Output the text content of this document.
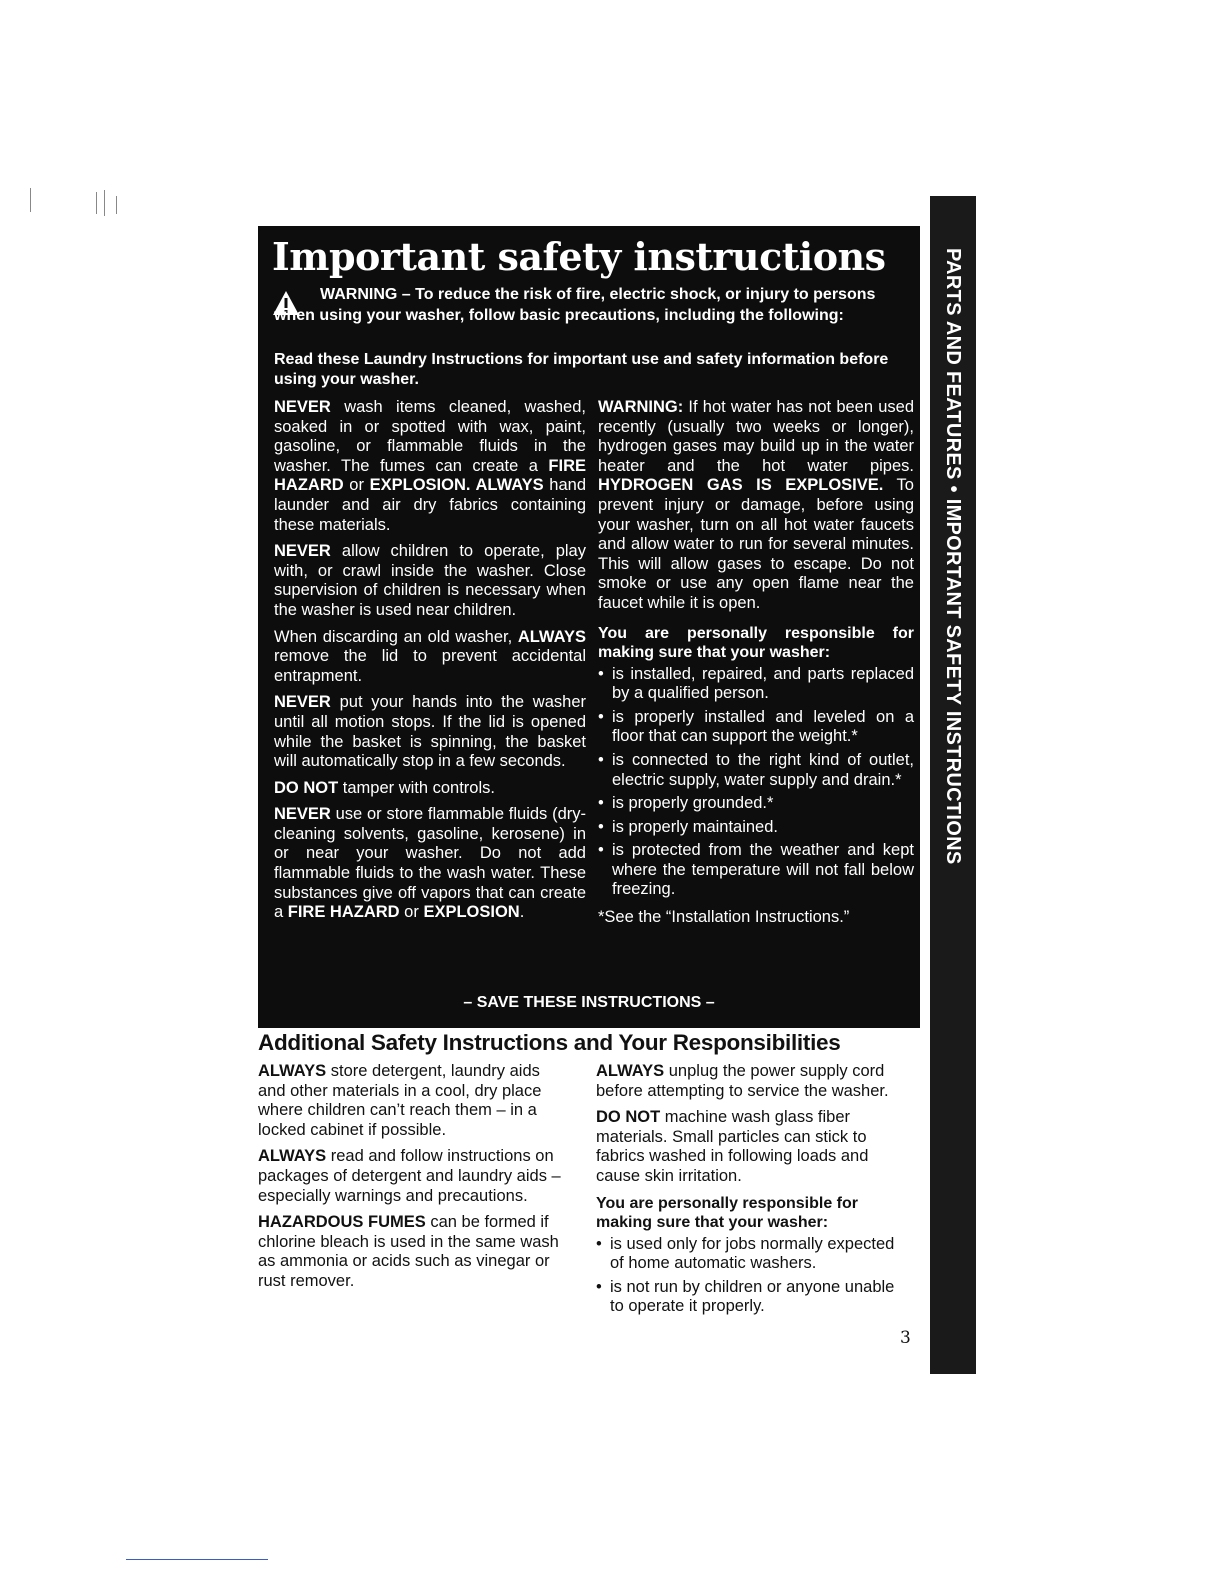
Important safety instructions

WARNING – To reduce the risk of fire, electric shock, or injury to persons when using your washer, follow basic precautions, including the following:

Read these Laundry Instructions for important use and safety information before using your washer.

NEVER wash items cleaned, washed, soaked in or spotted with wax, paint, gasoline, or flammable fluids in the washer. The fumes can create a FIRE HAZARD or EXPLOSION. ALWAYS hand launder and air dry fabrics containing these materials.

NEVER allow children to operate, play with, or crawl inside the washer. Close supervision of children is necessary when the washer is used near children.

When discarding an old washer, ALWAYS remove the lid to prevent accidental entrapment.

NEVER put your hands into the washer until all motion stops. If the lid is opened while the basket is spinning, the basket will automatically stop in a few seconds.

DO NOT tamper with controls.

NEVER use or store flammable fluids (dry-cleaning solvents, gasoline, kerosene) in or near your washer. Do not add flammable fluids to the wash water. These substances give off vapors that can create a FIRE HAZARD or EXPLOSION.

WARNING: If hot water has not been used recently (usually two weeks or longer), hydrogen gases may build up in the water heater and the hot water pipes. HYDROGEN GAS IS EXPLOSIVE. To prevent injury or damage, before using your washer, turn on all hot water faucets and allow water to run for several minutes. This will allow gases to escape. Do not smoke or use any open flame near the faucet while it is open.

You are personally responsible for making sure that your washer:
• is installed, repaired, and parts replaced by a qualified person.
• is properly installed and leveled on a floor that can support the weight.*
• is connected to the right kind of outlet, electric supply, water supply and drain.*
• is properly grounded.*
• is properly maintained.
• is protected from the weather and kept where the temperature will not fall below freezing.
*See the “Installation Instructions.”

– SAVE THESE INSTRUCTIONS –

Additional Safety Instructions and Your Responsibilities

ALWAYS store detergent, laundry aids and other materials in a cool, dry place where children can’t reach them – in a locked cabinet if possible.

ALWAYS read and follow instructions on packages of detergent and laundry aids – especially warnings and precautions.

HAZARDOUS FUMES can be formed if chlorine bleach is used in the same wash as ammonia or acids such as vinegar or rust remover.

ALWAYS unplug the power supply cord before attempting to service the washer.

DO NOT machine wash glass fiber materials. Small particles can stick to fabrics washed in following loads and cause skin irritation.

You are personally responsible for making sure that your washer:
• is used only for jobs normally expected of home automatic washers.
• is not run by children or anyone unable to operate it properly.
3
PARTS AND FEATURES • IMPORTANT SAFETY INSTRUCTIONS
